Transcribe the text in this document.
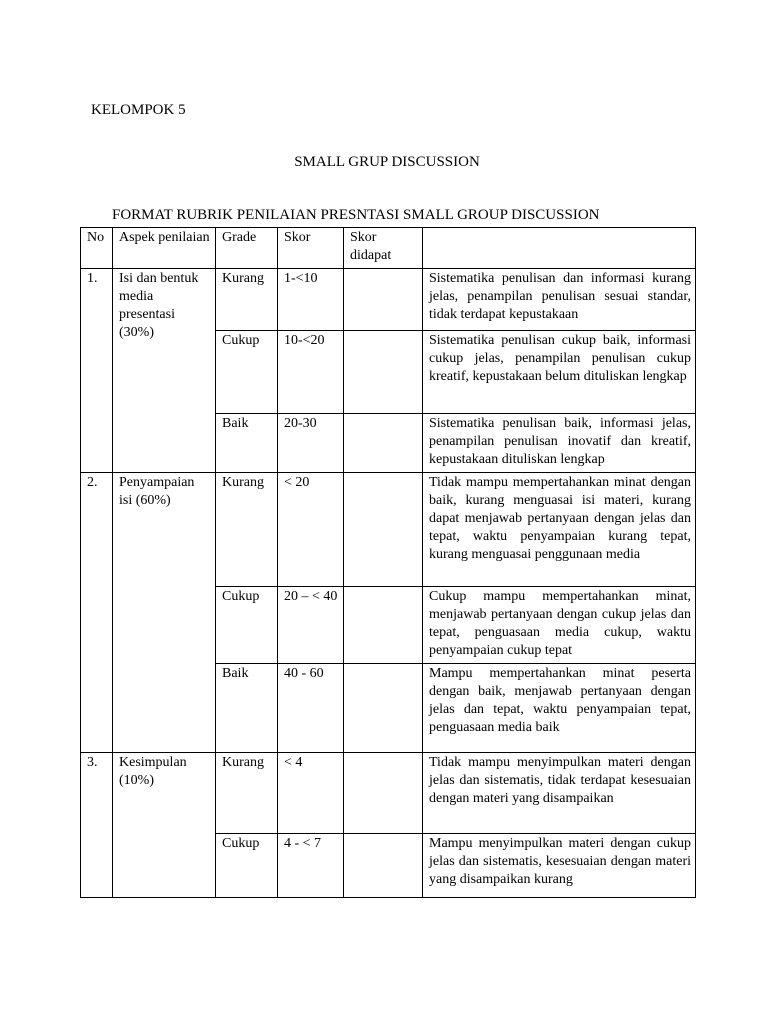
KELOMPOK 5
SMALL GRUP DISCUSSION
FORMAT RUBRIK PENILAIAN PRESNTASI SMALL GROUP DISCUSSION
No	Aspek penilaian	Grade	Skor	Skor didapat	
1.	Isi dan bentuk media presentasi (30%)	Kurang	1-<10		Sistematika penulisan dan informasi kurang jelas, penampilan penulisan sesuai standar, tidak terdapat kepustakaan
		Cukup	10-<20		Sistematika penulisan cukup baik, informasi cukup jelas, penampilan penulisan cukup kreatif, kepustakaan belum dituliskan lengkap
		Baik	20-30		Sistematika penulisan baik, informasi jelas, penampilan penulisan inovatif dan kreatif, kepustakaan dituliskan lengkap
2.	Penyampaian isi (60%)	Kurang	< 20		Tidak mampu mempertahankan minat dengan baik, kurang menguasai isi materi, kurang dapat menjawab pertanyaan dengan jelas dan tepat, waktu penyampaian kurang tepat, kurang menguasai penggunaan media
		Cukup	20 – < 40		Cukup mampu mempertahankan minat, menjawab pertanyaan dengan cukup jelas dan tepat, penguasaan media cukup, waktu penyampaian cukup tepat
		Baik	40 - 60		Mampu mempertahankan minat peserta dengan baik, menjawab pertanyaan dengan jelas dan tepat, waktu penyampaian tepat, penguasaan media baik
3.	Kesimpulan (10%)	Kurang	< 4		Tidak mampu menyimpulkan materi dengan jelas dan sistematis, tidak terdapat kesesuaian dengan materi yang disampaikan
		Cukup	4 - < 7		Mampu menyimpulkan materi dengan cukup jelas dan sistematis, kesesuaian dengan materi yang disampaikan kurang
